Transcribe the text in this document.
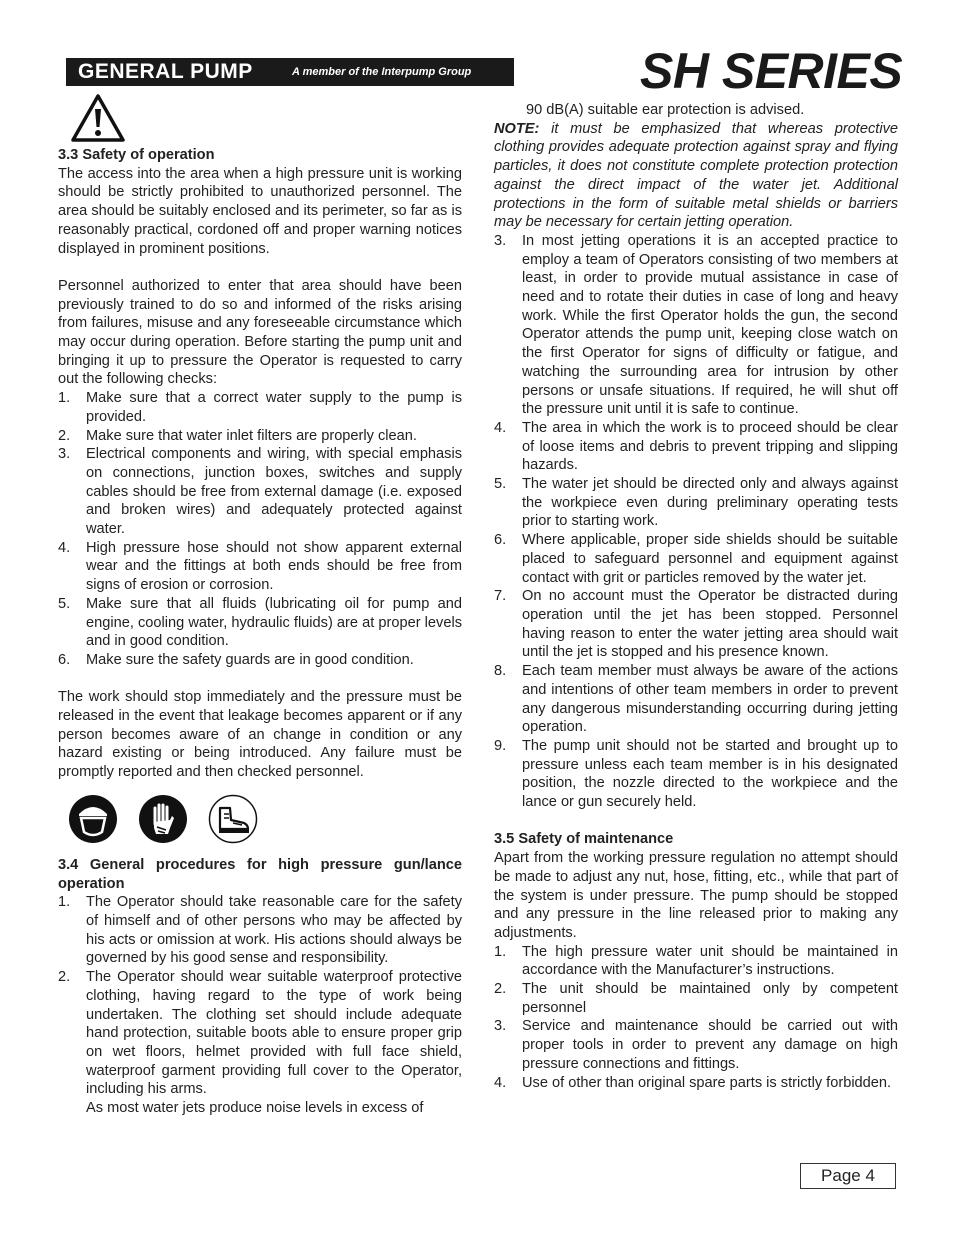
GENERAL PUMP	A member of the Interpump Group	SH SERIES
3.3 Safety of operation

The access into the area when a high pressure unit is working should be strictly prohibited to unauthorized personnel. The area should be suitably enclosed and its perimeter, so far as is reasonably practical, cordoned off and proper warning notices displayed in prominent positions.

Personnel authorized to enter that area should have been previously trained to do so and informed of the risks arising from failures, misuse and any foreseeable circumstance which may occur during operation. Before starting the pump unit and bringing it up to pressure the Operator is requested to carry out the following checks:

1.	Make sure that a correct water supply to the pump is provided.
2.	Make sure that water inlet filters are properly clean.
3.	Electrical components and wiring, with special emphasis on connections, junction boxes, switches and supply cables should be free from external damage (i.e. exposed and broken wires) and adequately protected against water.
4.	High pressure hose should not show apparent external wear and the fittings at both ends should be free from signs of erosion or corrosion.
5.	Make sure that all fluids (lubricating oil for pump and engine, cooling water, hydraulic fluids) are at proper levels and in good condition.
6.	Make sure the safety guards are in good condition.

The work should stop immediately and the pressure must be released in the event that leakage becomes apparent or if any person becomes aware of an change in condition or any hazard existing or being introduced. Any failure must be promptly reported and then checked personnel.

3.4 General procedures for high pressure gun/lance operation
1.	The Operator should take reasonable care for the safety of himself and of other persons who may be affected by his acts or omission at work. His actions should always be governed by his good sense and responsibility.
2.	The Operator should wear suitable waterproof protective clothing, having regard to the type of work being undertaken. The clothing set should include adequate hand protection, suitable boots able to ensure proper grip on wet floors, helmet provided with full face shield, waterproof garment providing full cover to the Operator, including his arms.
As most water jets produce noise levels in excess of
90 dB(A) suitable ear protection is advised.

NOTE: it must be emphasized that whereas protective clothing provides adequate protection against spray and flying particles, it does not constitute complete protection protection against the direct impact of the water jet. Additional protections in the form of suitable metal shields or barriers may be necessary for certain jetting operation.

3.	In most jetting operations it is an accepted practice to employ a team of Operators consisting of two members at least, in order to provide mutual assistance in case of need and to rotate their duties in case of long and heavy work. While the first Operator holds the gun, the second Operator attends the pump unit, keeping close watch on the first Operator for signs of difficulty or fatigue, and watching the surrounding area for intrusion by other persons or unsafe situations. If required, he will shut off the pressure unit until it is safe to continue.
4.	The area in which the work is to proceed should be clear of loose items and debris to prevent tripping and slipping hazards.
5.	The water jet should be directed only and always against the workpiece even during preliminary operating tests prior to starting work.
6.	Where applicable, proper side shields should be suitable placed to safeguard personnel and equipment against contact with grit or particles removed by the water jet.
7.	On no account must the Operator be distracted during operation until the jet has been stopped. Personnel having reason to enter the water jetting area should wait until the jet is stopped and his presence known.
8.	Each team member must always be aware of the actions and intentions of other team members in order to prevent any dangerous misunderstanding occurring during jetting operation.
9.	The pump unit should not be started and brought up to pressure unless each team member is in his designated position, the nozzle directed to the workpiece and the lance or gun securely held.
3.5 Safety of maintenance

Apart from the working pressure regulation no attempt should be made to adjust any nut, hose, fitting, etc., while that part of the system is under pressure. The pump should be stopped and any pressure in the line released prior to making any adjustments.

1.	The high pressure water unit should be maintained in accordance with the Manufacturer’s instructions.
2.	The unit should be maintained only by competent personnel
3.	Service and maintenance should be carried out with proper tools in order to prevent any damage on high pressure connections and fittings.
4.	Use of other than original spare parts is strictly forbidden.
Page 4
